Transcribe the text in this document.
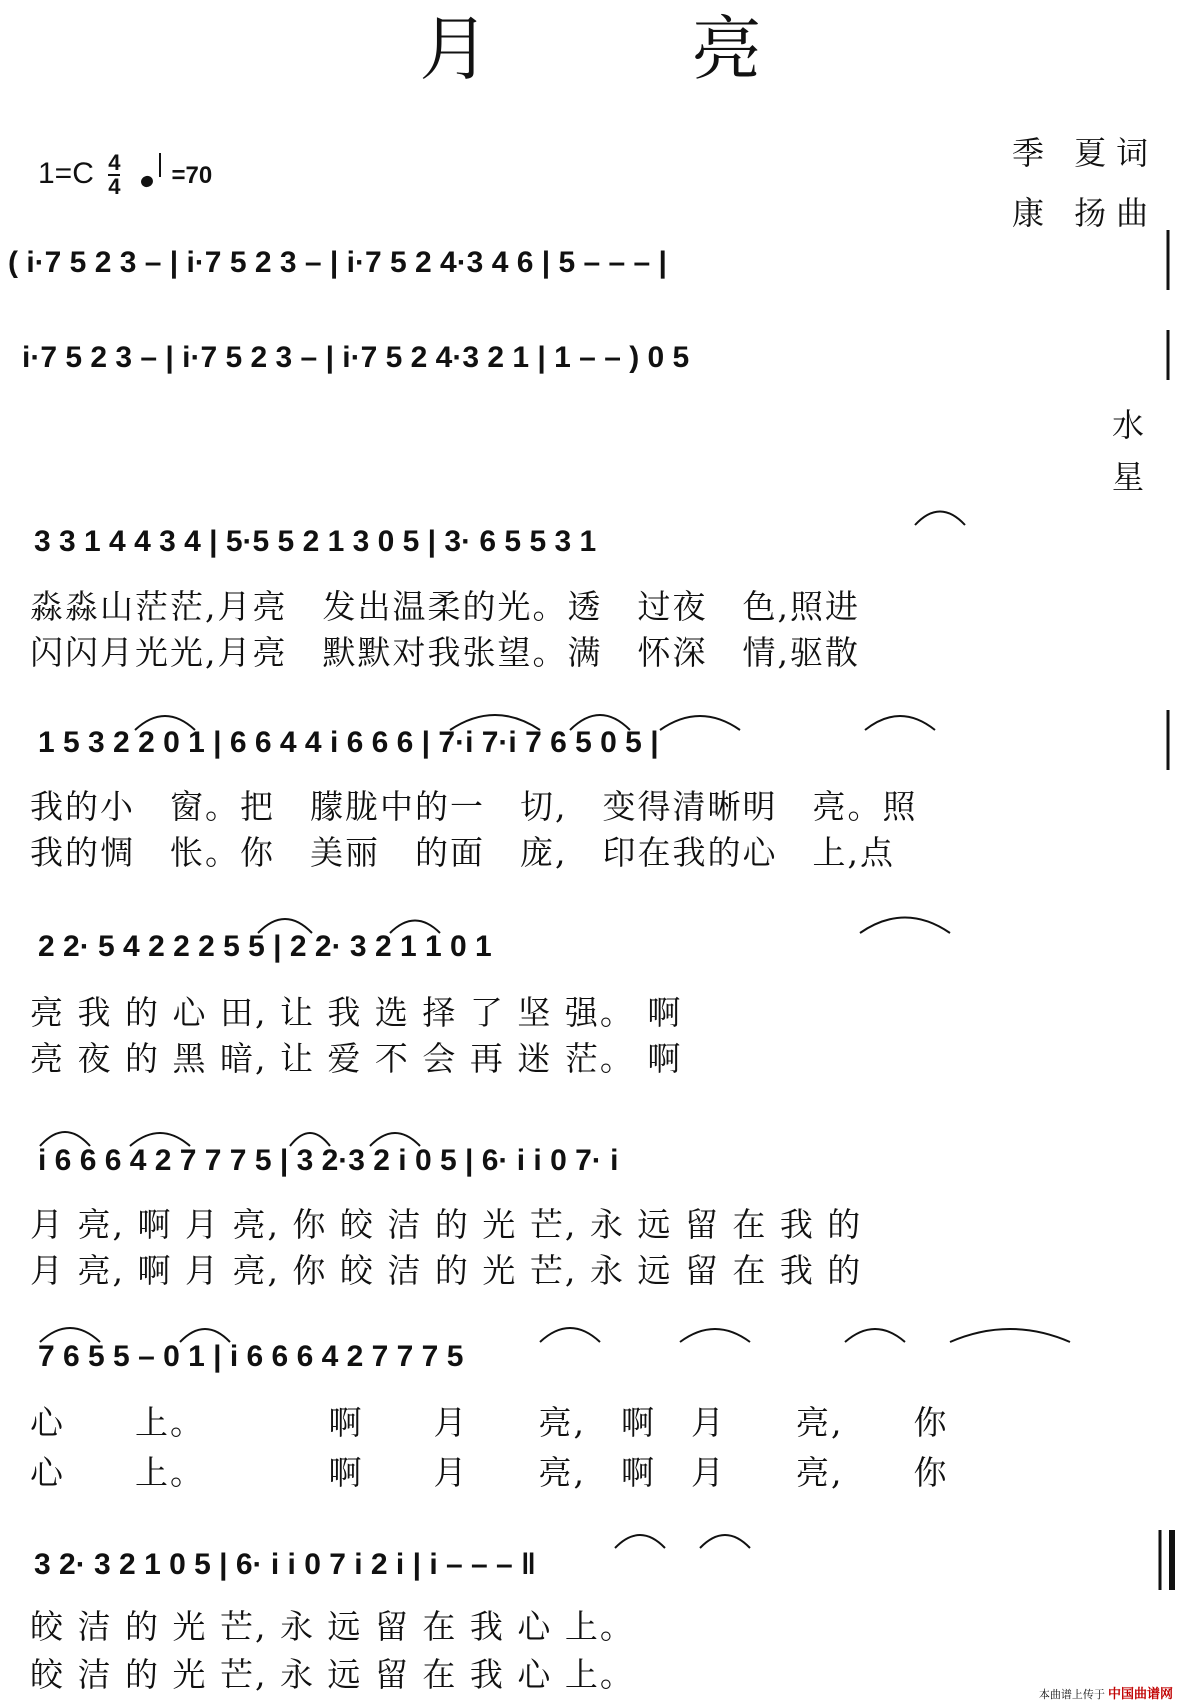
月 亮
$1=C \frac{4}{4} =70$
季 夏词
康 扬曲
( i·7 5 2 3 – | i·7 5 2 3 – | i·7 5 2 4·3 4 6 | 5 – – – |
i·7 5 2 3 – | i·7 5 2 3 – | i·7 5 2 4·3 2 1 | 1 – – ) 0 5
水
星
3 3 1 4 4 3 4 | 5·5 5 2 1 3 0 5 | 3· 6 5 5 3 1
淼淼山茫茫,月亮　发出温柔的光。透　过夜　色,照进
闪闪月光光,月亮　默默对我张望。满　怀深　情,驱散
1 5 3 2 2 0 1 | 6 6 4 4 i 6 6 6 | 7·i 7·i 7 6 5 0 5 |
我的小　窗。把　朦胧中的一　切,　变得清晰明　亮。照
我的惆　怅。你　美丽　的面　庞,　印在我的心　上,点
2 2· 5 4 2 2 2 5 5 | 2 2· 3 2 1 1 0 1
亮 我 的 心 田, 让 我 选 择 了 坚 强。 啊
亮 夜 的 黑 暗, 让 爱 不 会 再 迷 茫。 啊
i 6 6 6 4 2 7 7 7 5 | 3 2·3 2 i 0 5 | 6· i i 0 7· i
月 亮, 啊 月 亮, 你 皎 洁 的 光 芒, 永 远 留 在 我 的
月 亮, 啊 月 亮, 你 皎 洁 的 光 芒, 永 远 留 在 我 的
7 6 5 5 – 0 1 | i 6 6 6 4 2 7 7 7 5
心　　上。　　　　啊　　月　　亮,　啊　月　　亮,　　你
心　　上。　　　　啊　　月　　亮,　啊　月　　亮,　　你
3 2· 3 2 1 0 5 | 6· i i 0 7 i 2 i | i – – – ‖
皎 洁 的 光 芒, 永 远 留 在 我 心 上。
皎 洁 的 光 芒, 永 远 留 在 我 心 上。
本曲谱上传于 中国曲谱网
